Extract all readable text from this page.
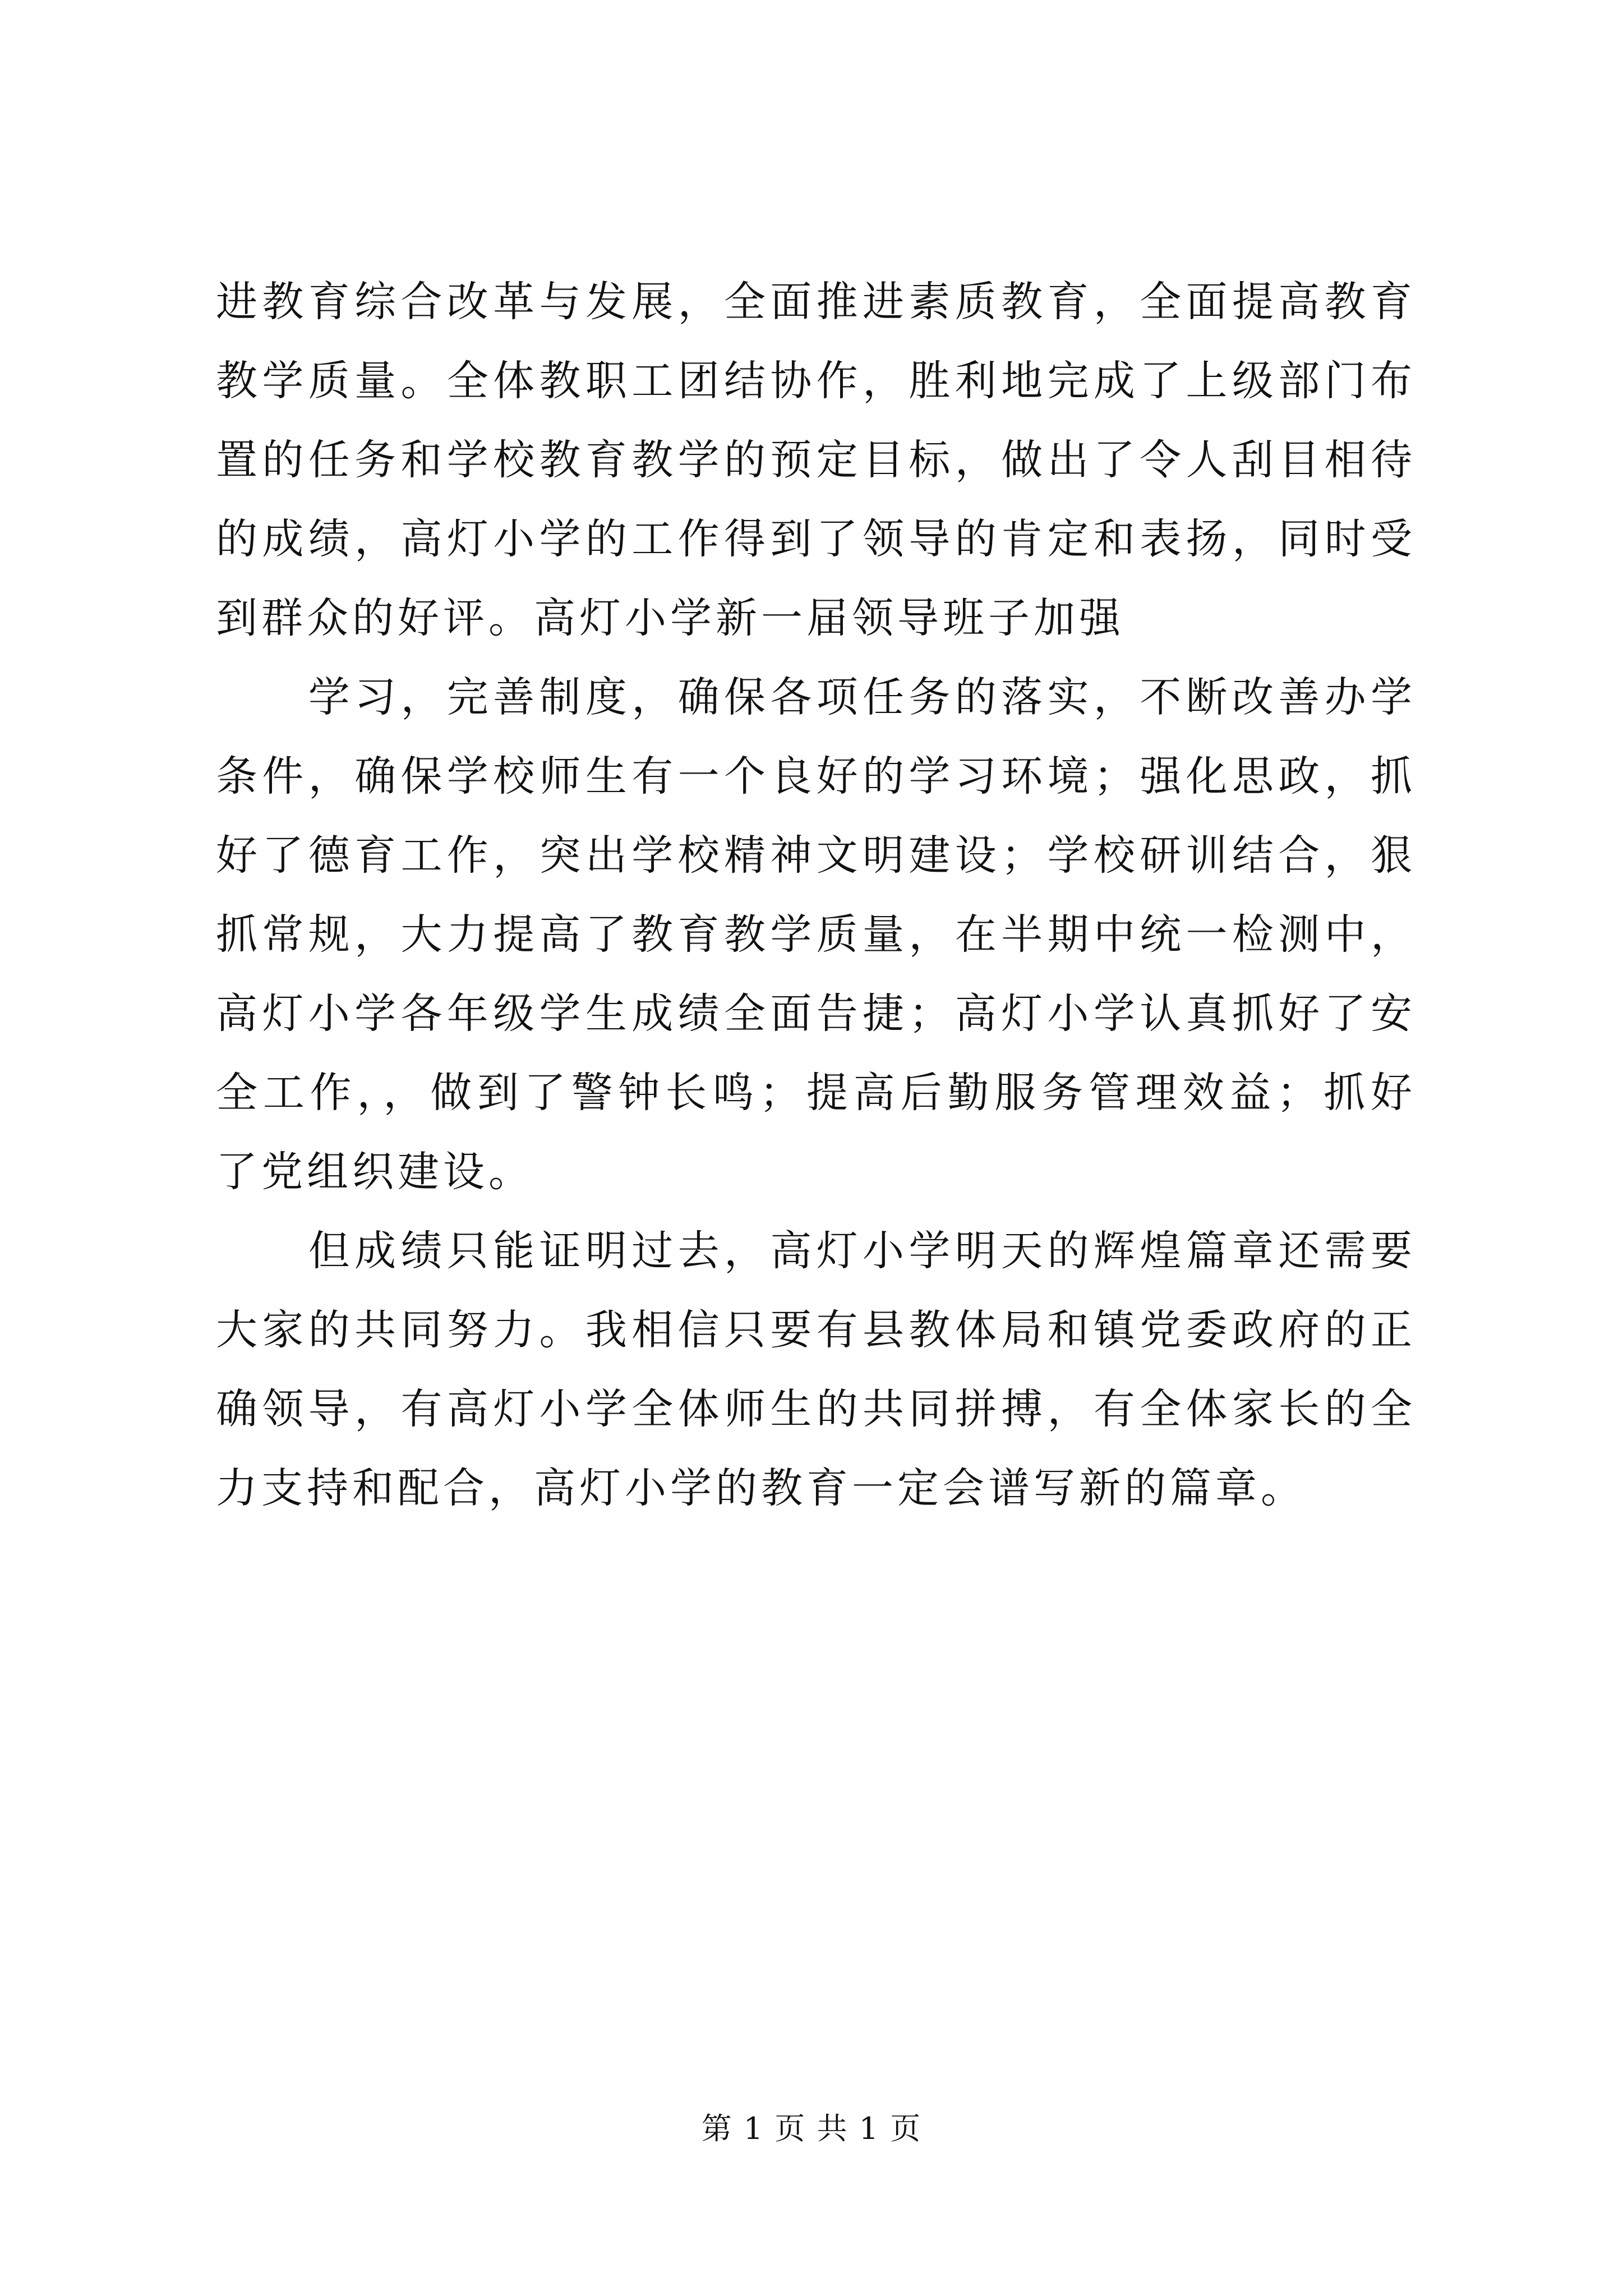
进教育综合改革与发展，全面推进素质教育，全面提高教育教学质量。全体教职工团结协作，胜利地完成了上级部门布置的任务和学校教育教学的预定目标，做出了令人刮目相待的成绩，高灯小学的工作得到了领导的肯定和表扬，同时受到群众的好评。高灯小学新一届领导班子加强

　　学习，完善制度，确保各项任务的落实，不断改善办学条件，确保学校师生有一个良好的学习环境；强化思政，抓好了德育工作，突出学校精神文明建设；学校研训结合，狠抓常规，大力提高了教育教学质量，在半期中统一检测中，高灯小学各年级学生成绩全面告捷；高灯小学认真抓好了安全工作，，做到了警钟长鸣；提高后勤服务管理效益；抓好了党组织建设。

　　但成绩只能证明过去，高灯小学明天的辉煌篇章还需要大家的共同努力。我相信只要有县教体局和镇党委政府的正确领导，有高灯小学全体师生的共同拼搏，有全体家长的全力支持和配合，高灯小学的教育一定会谱写新的篇章。

第 1 页 共 1 页
